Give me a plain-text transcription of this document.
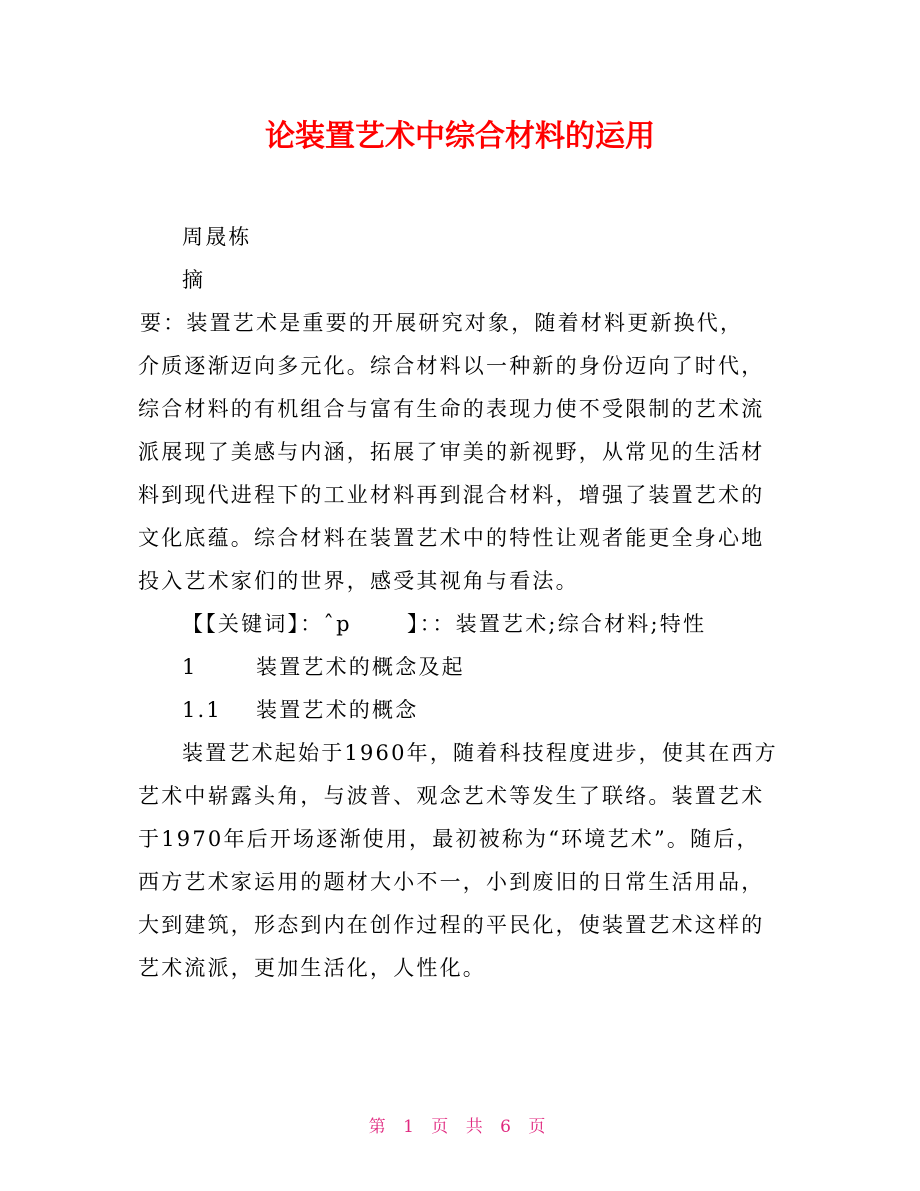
论装置艺术中综合材料的运用
周晟栋
摘
要：装置艺术是重要的开展研究对象，随着材料更新换代，
介质逐渐迈向多元化。综合材料以一种新的身份迈向了时代，
综合材料的有机组合与富有生命的表现力使不受限制的艺术流
派展现了美感与内涵，拓展了审美的新视野，从常见的生活材
料到现代进程下的工业材料再到混合材料，增强了装置艺术的
文化底蕴。综合材料在装置艺术中的特性让观者能更全身心地
投入艺术家们的世界，感受其视角与看法。
【【关键词】：ˆp　　 】：：装置艺术;综合材料;特性
1	装置艺术的概念及起
1.1 装置艺术的概念
装置艺术起始于1960年，随着科技程度进步，使其在西方
艺术中崭露头角，与波普、观念艺术等发生了联络。装置艺术
于1970年后开场逐渐使用，最初被称为“环境艺术”。随后，
西方艺术家运用的题材大小不一，小到废旧的日常生活用品，
大到建筑，形态到内在创作过程的平民化，使装置艺术这样的
艺术流派，更加生活化，人性化。
第 1 页 共 6 页
